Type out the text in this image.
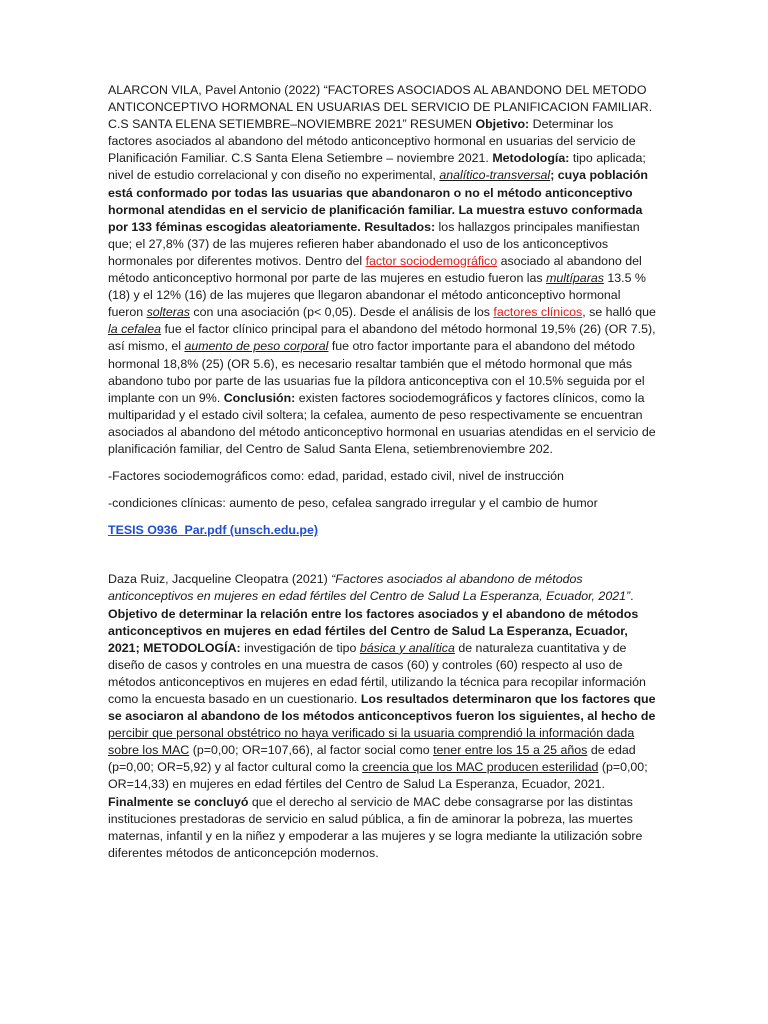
ALARCON VILA, Pavel Antonio (2022) “FACTORES ASOCIADOS AL ABANDONO DEL METODO ANTICONCEPTIVO HORMONAL EN USUARIAS DEL SERVICIO DE PLANIFICACION FAMILIAR. C.S SANTA ELENA SETIEMBRE–NOVIEMBRE 2021” RESUMEN Objetivo: Determinar los factores asociados al abandono del método anticonceptivo hormonal en usuarias del servicio de Planificación Familiar. C.S Santa Elena Setiembre – noviembre 2021. Metodología: tipo aplicada; nivel de estudio correlacional y con diseño no experimental, analítico-transversal; cuya población está conformado por todas las usuarias que abandonaron o no el método anticonceptivo hormonal atendidas en el servicio de planificación familiar. La muestra estuvo conformada por 133 féminas escogidas aleatoriamente. Resultados: los hallazgos principales manifiestan que; el 27,8% (37) de las mujeres refieren haber abandonado el uso de los anticonceptivos hormonales por diferentes motivos. Dentro del factor sociodemográfico asociado al abandono del método anticonceptivo hormonal por parte de las mujeres en estudio fueron las multíparas 13.5 % (18) y el 12% (16) de las mujeres que llegaron abandonar el método anticonceptivo hormonal fueron solteras con una asociación (p< 0,05). Desde el análisis de los factores clínicos, se halló que la cefalea fue el factor clínico principal para el abandono del método hormonal 19,5% (26) (OR 7.5), así mismo, el aumento de peso corporal fue otro factor importante para el abandono del método hormonal 18,8% (25) (OR 5.6), es necesario resaltar también que el método hormonal que más abandono tubo por parte de las usuarias fue la píldora anticonceptiva con el 10.5% seguida por el implante con un 9%. Conclusión: existen factores sociodemográficos y factores clínicos, como la multiparidad y el estado civil soltera; la cefalea, aumento de peso respectivamente se encuentran asociados al abandono del método anticonceptivo hormonal en usuarias atendidas en el servicio de planificación familiar, del Centro de Salud Santa Elena, setiembrenoviembre 202.

-Factores sociodemográficos como: edad, paridad, estado civil, nivel de instrucción

-condiciones clínicas: aumento de peso, cefalea sangrado irregular y el cambio de humor

TESIS O936_Par.pdf (unsch.edu.pe)

Daza Ruiz, Jacqueline Cleopatra (2021) “Factores asociados al abandono de métodos anticonceptivos en mujeres en edad fértiles del Centro de Salud La Esperanza, Ecuador, 2021”. Objetivo de determinar la relación entre los factores asociados y el abandono de métodos anticonceptivos en mujeres en edad fértiles del Centro de Salud La Esperanza, Ecuador, 2021; METODOLOGÍA: investigación de tipo básica y analítica de naturaleza cuantitativa y de diseño de casos y controles en una muestra de casos (60) y controles (60) respecto al uso de métodos anticonceptivos en mujeres en edad fértil, utilizando la técnica para recopilar información como la encuesta basado en un cuestionario. Los resultados determinaron que los factores que se asociaron al abandono de los métodos anticonceptivos fueron los siguientes, al hecho de percibir que personal obstétrico no haya verificado si la usuaria comprendió la información dada sobre los MAC (p=0,00; OR=107,66), al factor social como tener entre los 15 a 25 años de edad (p=0,00; OR=5,92) y al factor cultural como la creencia que los MAC producen esterilidad (p=0,00; OR=14,33) en mujeres en edad fértiles del Centro de Salud La Esperanza, Ecuador, 2021. Finalmente se concluyó que el derecho al servicio de MAC debe consagrarse por las distintas instituciones prestadoras de servicio en salud pública, a fin de aminorar la pobreza, las muertes maternas, infantil y en la niñez y empoderar a las mujeres y se logra mediante la utilización sobre diferentes métodos de anticoncepción modernos.
